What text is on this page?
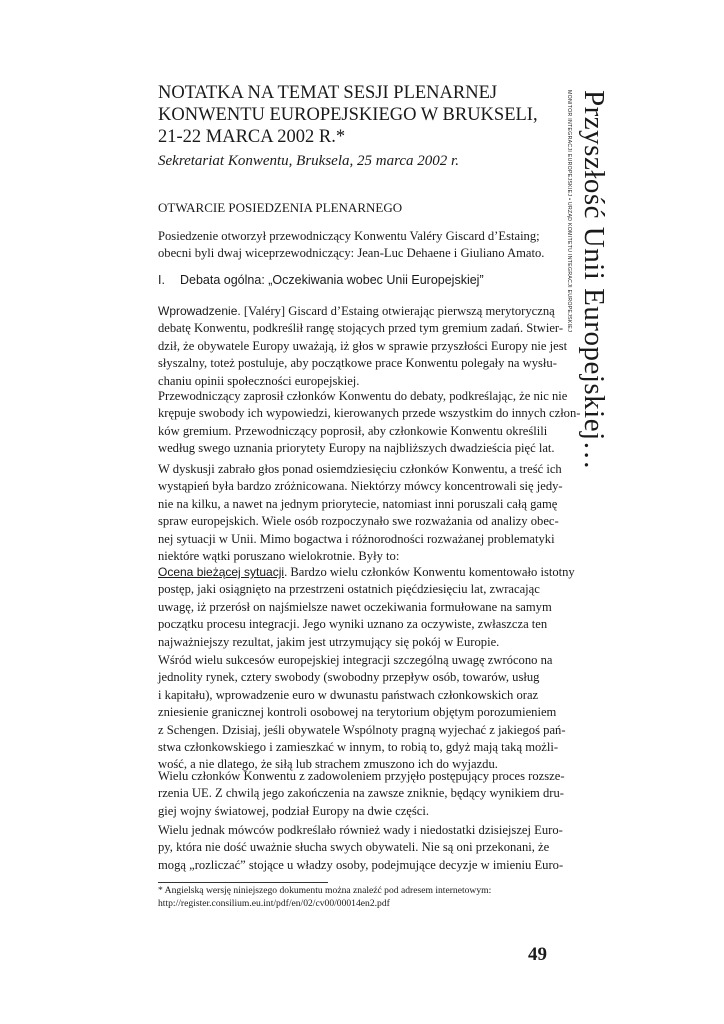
NOTATKA NA TEMAT SESJI PLENARNEJ
KONWENTU EUROPEJSKIEGO W BRUKSELI,
21-22 MARCA 2002 R.*
Sekretariat Konwentu, Bruksela, 25 marca 2002 r.
OTWARCIE POSIEDZENIA PLENARNEGO
Posiedzenie otworzył przewodniczący Konwentu Valéry Giscard d’Estaing;
obecni byli dwaj wiceprzewodniczący: Jean-Luc Dehaene i Giuliano Amato.
I. Debata ogólna: „Oczekiwania wobec Unii Europejskiej”
Wprowadzenie. [Valéry] Giscard d’Estaing otwierając pierwszą merytoryczną
debatę Konwentu, podkreślił rangę stojących przed tym gremium zadań. Stwier-
dził, że obywatele Europy uważają, iż głos w sprawie przyszłości Europy nie jest
słyszalny, toteż postuluje, aby początkowe prace Konwentu polegały na wysłu-
chaniu opinii społeczności europejskiej.
Przewodniczący zaprosił członków Konwentu do debaty, podkreślając, że nic nie
krępuje swobody ich wypowiedzi, kierowanych przede wszystkim do innych człon-
ków gremium. Przewodniczący poprosił, aby członkowie Konwentu określili
według swego uznania priorytety Europy na najbliższych dwadzieścia pięć lat.
W dyskusji zabrało głos ponad osiemdziesięciu członków Konwentu, a treść ich
wystąpień była bardzo zróżnicowana. Niektórzy mówcy koncentrowali się jedy-
nie na kilku, a nawet na jednym priorytecie, natomiast inni poruszali całą gamę
spraw europejskich. Wiele osób rozpoczynało swe rozważania od analizy obec-
nej sytuacji w Unii. Mimo bogactwa i różnorodności rozważanej problematyki
niektóre wątki poruszano wielokrotnie. Były to:
Ocena bieżącej sytuacji. Bardzo wielu członków Konwentu komentowało istotny
postęp, jaki osiągnięto na przestrzeni ostatnich pięćdziesięciu lat, zwracając
uwagę, iż przerósł on najśmielsze nawet oczekiwania formułowane na samym
początku procesu integracji. Jego wyniki uznano za oczywiste, zwłaszcza ten
najważniejszy rezultat, jakim jest utrzymujący się pokój w Europie.
Wśród wielu sukcesów europejskiej integracji szczególną uwagę zwrócono na
jednolity rynek, cztery swobody (swobodny przepływ osób, towarów, usług
i kapitału), wprowadzenie euro w dwunastu państwach członkowskich oraz
zniesienie granicznej kontroli osobowej na terytorium objętym porozumieniem
z Schengen. Dzisiaj, jeśli obywatele Wspólnoty pragną wyjechać z jakiegoś pań-
stwa członkowskiego i zamieszkać w innym, to robią to, gdyż mają taką możli-
wość, a nie dlatego, że siłą lub strachem zmuszono ich do wyjazdu.
Wielu członków Konwentu z zadowoleniem przyjęło postępujący proces rozsze-
rzenia UE. Z chwilą jego zakończenia na zawsze zniknie, będący wynikiem dru-
giej wojny światowej, podział Europy na dwie części.
Wielu jednak mówców podkreślało również wady i niedostatki dzisiejszej Euro-
py, która nie dość uważnie słucha swych obywateli. Nie są oni przekonani, że
mogą „rozliczać” stojące u władzy osoby, podejmujące decyzje w imieniu Euro-
* Angielską wersję niniejszego dokumentu można znaleźć pod adresem internetowym:
http://register.consilium.eu.int/pdf/en/02/cv00/00014en2.pdf
49
Przyszłość Unii Europejskiej…
MONITOR INTEGRACJI EUROPEJSKIEJ • URZĄD KOMITETU INTEGRACJI EUROPEJSKIEJ
